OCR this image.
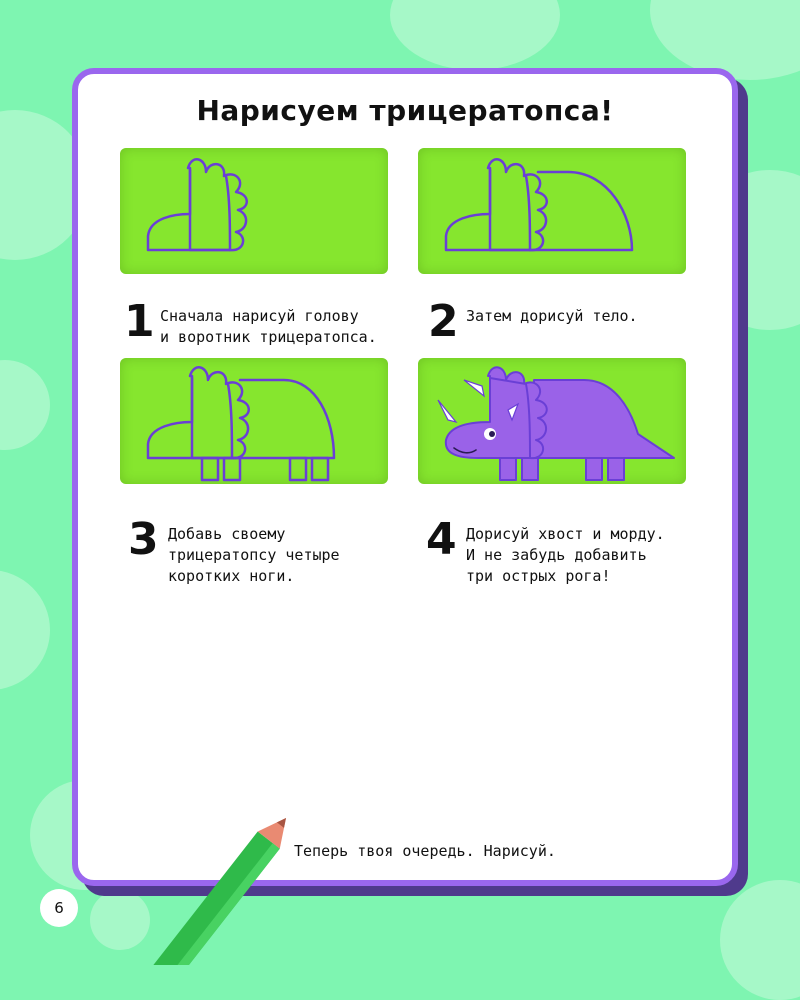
Нарисуем трицератопса!
1 Сначала нарисуй голову
и воротник трицератопса. 2 Затем дорисуй тело.
3 Добавь своему
трицератопсу четыре
коротких ноги.
4 Дорисуй хвост и морду.
И не забудь добавить
три острых рога!
Теперь твоя очередь. Нарисуй.
6
